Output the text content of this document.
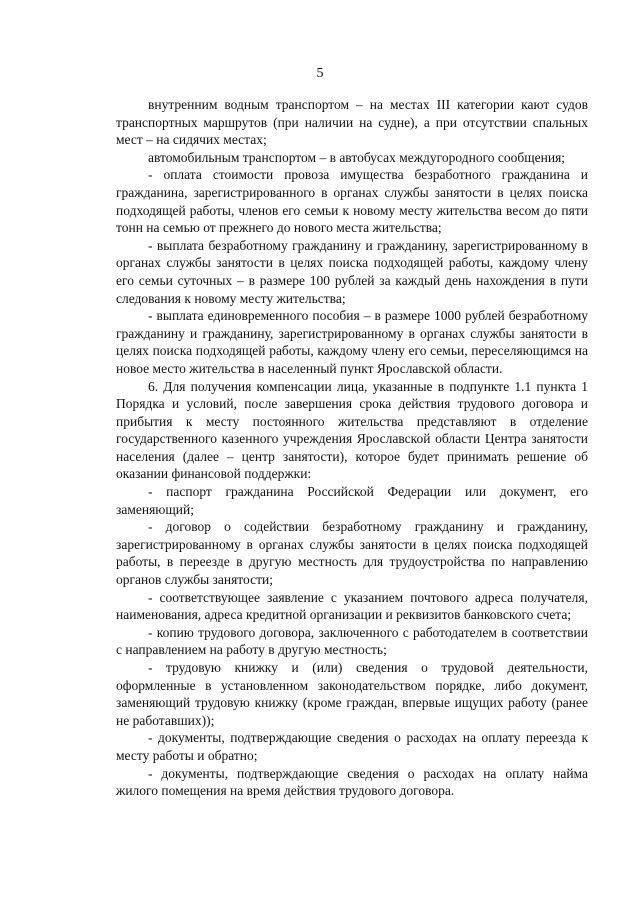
5

внутренним водным транспортом – на местах III категории кают судов транспортных маршрутов (при наличии на судне), а при отсутствии спальных мест – на сидячих местах;

автомобильным транспортом – в автобусах междугородного сообщения;

- оплата стоимости провоза имущества безработного гражданина и гражданина, зарегистрированного в органах службы занятости в целях поиска подходящей работы, членов его семьи к новому месту жительства весом до пяти тонн на семью от прежнего до нового места жительства;

- выплата безработному гражданину и гражданину, зарегистрированному в органах службы занятости в целях поиска подходящей работы, каждому члену его семьи суточных – в размере 100 рублей за каждый день нахождения в пути следования к новому месту жительства;

- выплата единовременного пособия – в размере 1000 рублей безработному гражданину и гражданину, зарегистрированному в органах службы занятости в целях поиска подходящей работы, каждому члену его семьи, переселяющимся на новое место жительства в населенный пункт Ярославской области.

6. Для получения компенсации лица, указанные в подпункте 1.1 пункта 1 Порядка и условий, после завершения срока действия трудового договора и прибытия к месту постоянного жительства представляют в отделение государственного казенного учреждения Ярославской области Центра занятости населения (далее – центр занятости), которое будет принимать решение об оказании финансовой поддержки:

- паспорт гражданина Российской Федерации или документ, его заменяющий;

- договор о содействии безработному гражданину и гражданину, зарегистрированному в органах службы занятости в целях поиска подходящей работы, в переезде в другую местность для трудоустройства по направлению органов службы занятости;

- соответствующее заявление с указанием почтового адреса получателя, наименования, адреса кредитной организации и реквизитов банковского счета;

- копию трудового договора, заключенного с работодателем в соответствии с направлением на работу в другую местность;

- трудовую книжку и (или) сведения о трудовой деятельности, оформленные в установленном законодательством порядке, либо документ, заменяющий трудовую книжку (кроме граждан, впервые ищущих работу (ранее не работавших));

- документы, подтверждающие сведения о расходах на оплату переезда к месту работы и обратно;

- документы, подтверждающие сведения о расходах на оплату найма жилого помещения на время действия трудового договора.
